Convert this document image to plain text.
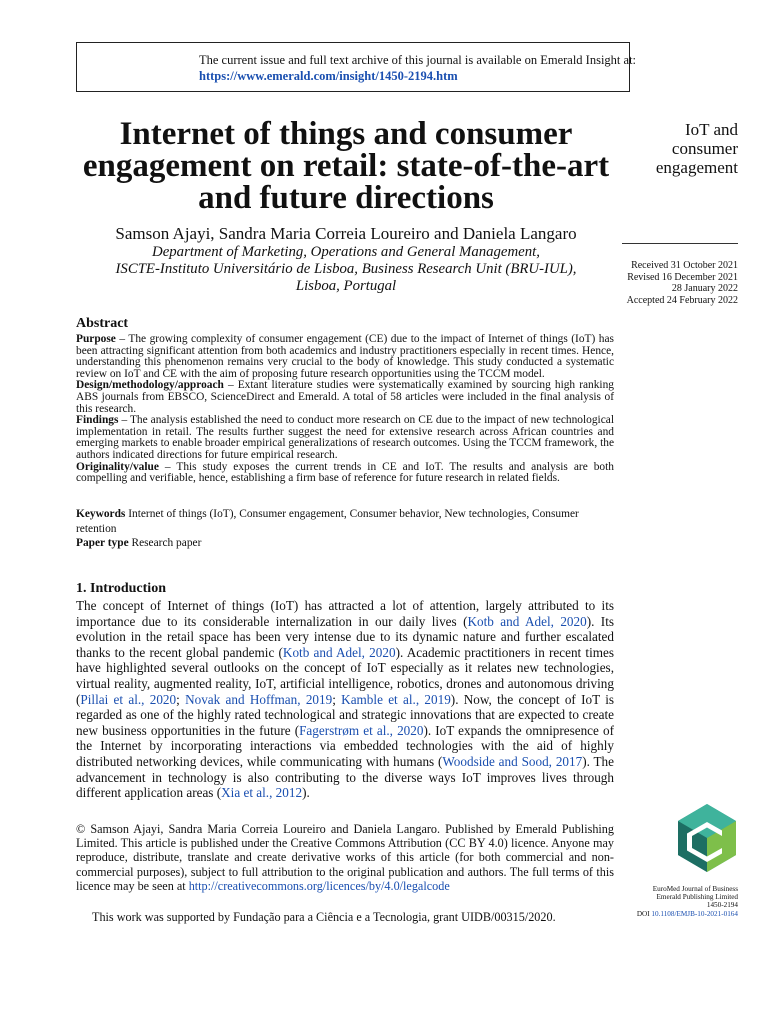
The current issue and full text archive of this journal is available on Emerald Insight at:
https://www.emerald.com/insight/1450-2194.htm
Internet of things and consumer engagement on retail: state-of-the-art and future directions
IoT and
consumer
engagement
Samson Ajayi, Sandra Maria Correia Loureiro and Daniela Langaro
Department of Marketing, Operations and General Management,
ISCTE-Instituto Universitário de Lisboa, Business Research Unit (BRU-IUL),
Lisboa, Portugal
Received 31 October 2021
Revised 16 December 2021
28 January 2022
Accepted 24 February 2022
Abstract

Purpose – The growing complexity of consumer engagement (CE) due to the impact of Internet of things (IoT) has been attracting significant attention from both academics and industry practitioners especially in recent times. Hence, understanding this phenomenon remains very crucial to the body of knowledge. This study conducted a systematic review on IoT and CE with the aim of proposing future research opportunities using the TCCM model.

Design/methodology/approach – Extant literature studies were systematically examined by sourcing high ranking ABS journals from EBSCO, ScienceDirect and Emerald. A total of 58 articles were included in the final analysis of this research.

Findings – The analysis established the need to conduct more research on CE due to the impact of new technological implementation in retail. The results further suggest the need for extensive research across African countries and emerging markets to enable broader empirical generalizations of research outcomes. Using the TCCM framework, the authors indicated directions for future empirical research.

Originality/value – This study exposes the current trends in CE and IoT. The results and analysis are both compelling and verifiable, hence, establishing a firm base of reference for future research in related fields.

Keywords Internet of things (IoT), Consumer engagement, Consumer behavior, New technologies, Consumer retention
Paper type Research paper
1. Introduction

The concept of Internet of things (IoT) has attracted a lot of attention, largely attributed to its importance due to its considerable internalization in our daily lives (Kotb and Adel, 2020). Its evolution in the retail space has been very intense due to its dynamic nature and further escalated thanks to the recent global pandemic (Kotb and Adel, 2020). Academic practitioners in recent times have highlighted several outlooks on the concept of IoT especially as it relates new technologies, virtual reality, augmented reality, IoT, artificial intelligence, robotics, drones and autonomous driving (Pillai et al., 2020; Novak and Hoffman, 2019; Kamble et al., 2019). Now, the concept of IoT is regarded as one of the highly rated technological and strategic innovations that are expected to create new business opportunities in the future (Fagerstrøm et al., 2020). IoT expands the omnipresence of the Internet by incorporating interactions via embedded technologies with the aid of highly distributed networking devices, while communicating with humans (Woodside and Sood, 2017). The advancement in technology is also contributing to the diverse ways IoT improves lives through different application areas (Xia et al., 2012).

© Samson Ajayi, Sandra Maria Correia Loureiro and Daniela Langaro. Published by Emerald Publishing Limited. This article is published under the Creative Commons Attribution (CC BY 4.0) licence. Anyone may reproduce, distribute, translate and create derivative works of this article (for both commercial and non-commercial purposes), subject to full attribution to the original publication and authors. The full terms of this licence may be seen at http://creativecommons.org/licences/by/4.0/legalcode

This work was supported by Fundação para a Ciência e a Tecnologia, grant UIDB/00315/2020.
EuroMed Journal of Business
Emerald Publishing Limited
1450-2194
DOI 10.1108/EMJB-10-2021-0164
